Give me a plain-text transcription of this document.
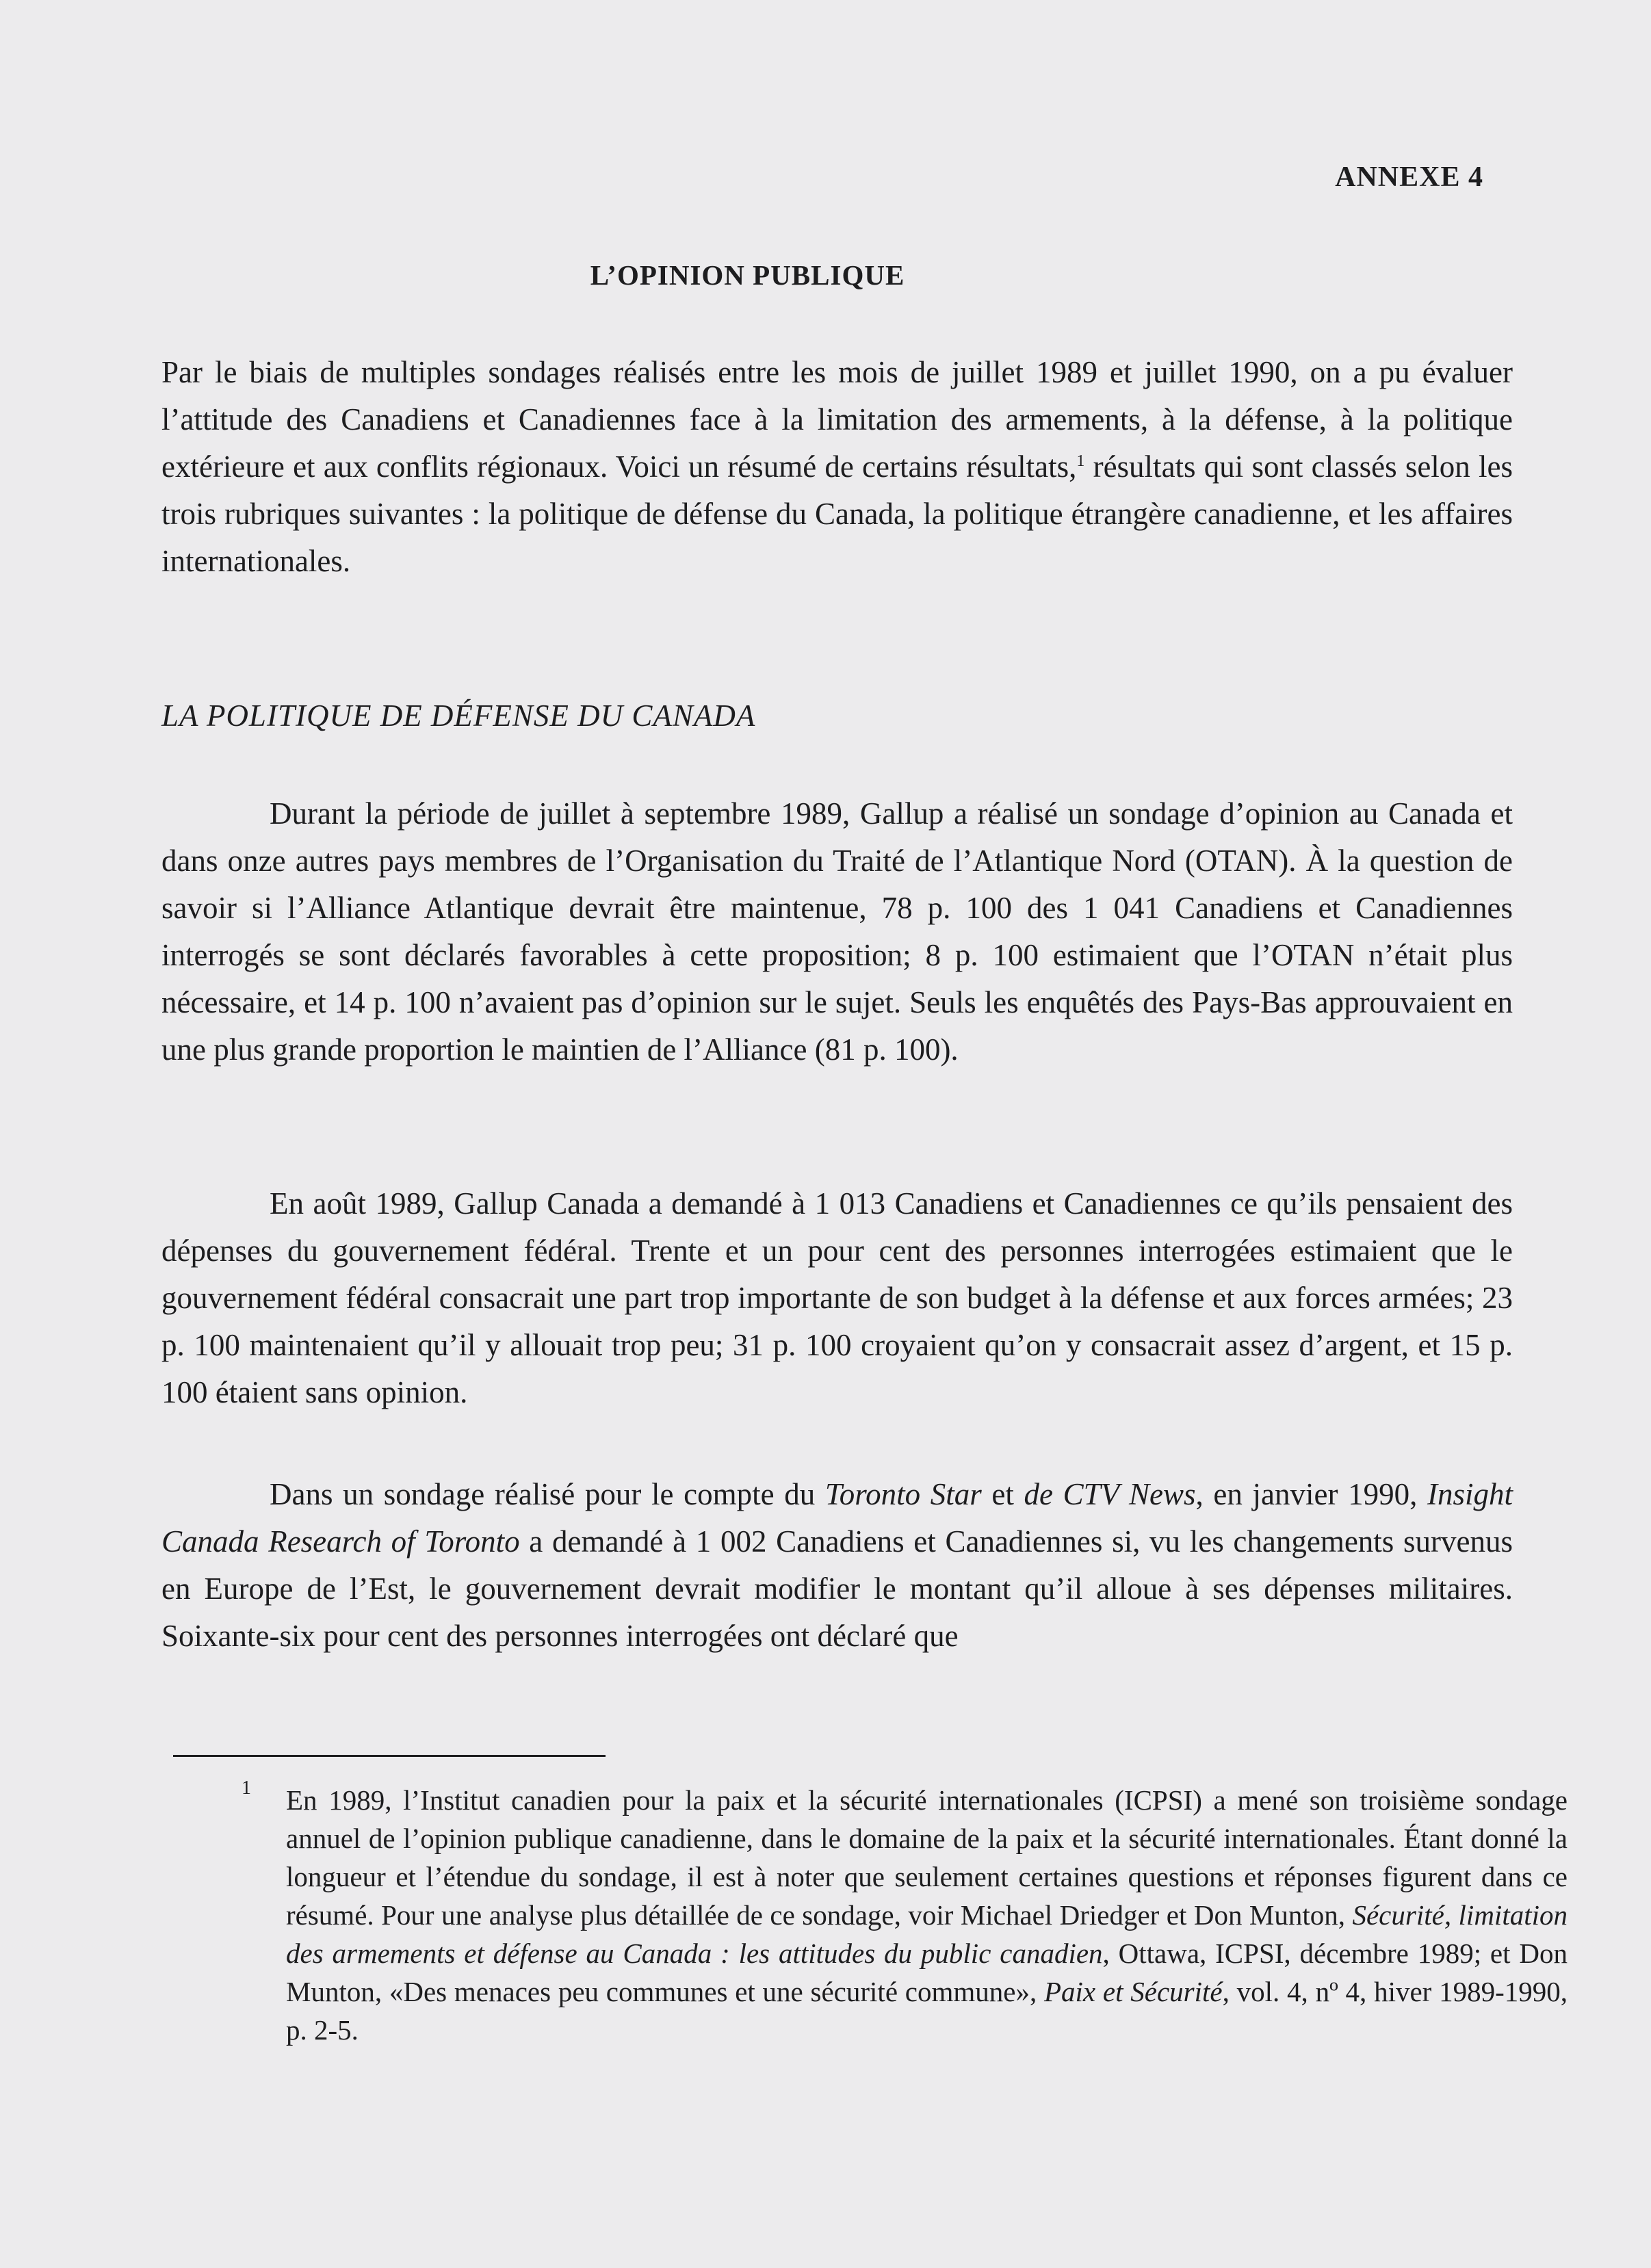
ANNEXE 4
L’OPINION PUBLIQUE

Par le biais de multiples sondages réalisés entre les mois de juillet 1989 et juillet 1990, on a pu évaluer l’attitude des Canadiens et Canadiennes face à la limitation des armements, à la défense, à la politique extérieure et aux conflits régionaux. Voici un résumé de certains résultats,$^1$ résultats qui sont classés selon les trois rubriques suivantes : la politique de défense du Canada, la politique étrangère canadienne, et les affaires internationales.

LA POLITIQUE DE DÉFENSE DU CANADA

Durant la période de juillet à septembre 1989, Gallup a réalisé un sondage d’opinion au Canada et dans onze autres pays membres de l’Organisation du Traité de l’Atlantique Nord (OTAN). À la question de savoir si l’Alliance Atlantique devrait être maintenue, 78 p. 100 des 1 041 Canadiens et Canadiennes interrogés se sont déclarés favorables à cette proposition; 8 p. 100 estimaient que l’OTAN n’était plus nécessaire, et 14 p. 100 n’avaient pas d’opinion sur le sujet. Seuls les enquêtés des Pays-Bas approuvaient en une plus grande proportion le maintien de l’Alliance (81 p. 100).

En août 1989, Gallup Canada a demandé à 1 013 Canadiens et Canadiennes ce qu’ils pensaient des dépenses du gouvernement fédéral. Trente et un pour cent des personnes interrogées estimaient que le gouvernement fédéral consacrait une part trop importante de son budget à la défense et aux forces armées; 23 p. 100 maintenaient qu’il y allouait trop peu; 31 p. 100 croyaient qu’on y consacrait assez d’argent, et 15 p. 100 étaient sans opinion.

Dans un sondage réalisé pour le compte du Toronto Star et de CTV News, en janvier 1990, Insight Canada Research of Toronto a demandé à 1 002 Canadiens et Canadiennes si, vu les changements survenus en Europe de l’Est, le gouvernement devrait modifier le montant qu’il alloue à ses dépenses militaires. Soixante-six pour cent des personnes interrogées ont déclaré que

1 En 1989, l’Institut canadien pour la paix et la sécurité internationales (ICPSI) a mené son troisième sondage annuel de l’opinion publique canadienne, dans le domaine de la paix et la sécurité internationales. Étant donné la longueur et l’étendue du sondage, il est à noter que seulement certaines questions et réponses figurent dans ce résumé. Pour une analyse plus détaillée de ce sondage, voir Michael Driedger et Don Munton, Sécurité, limitation des armements et défense au Canada : les attitudes du public canadien, Ottawa, ICPSI, décembre 1989; et Don Munton, «Des menaces peu communes et une sécurité commune», Paix et Sécurité, vol. 4, nº 4, hiver 1989-1990, p. 2-5.
